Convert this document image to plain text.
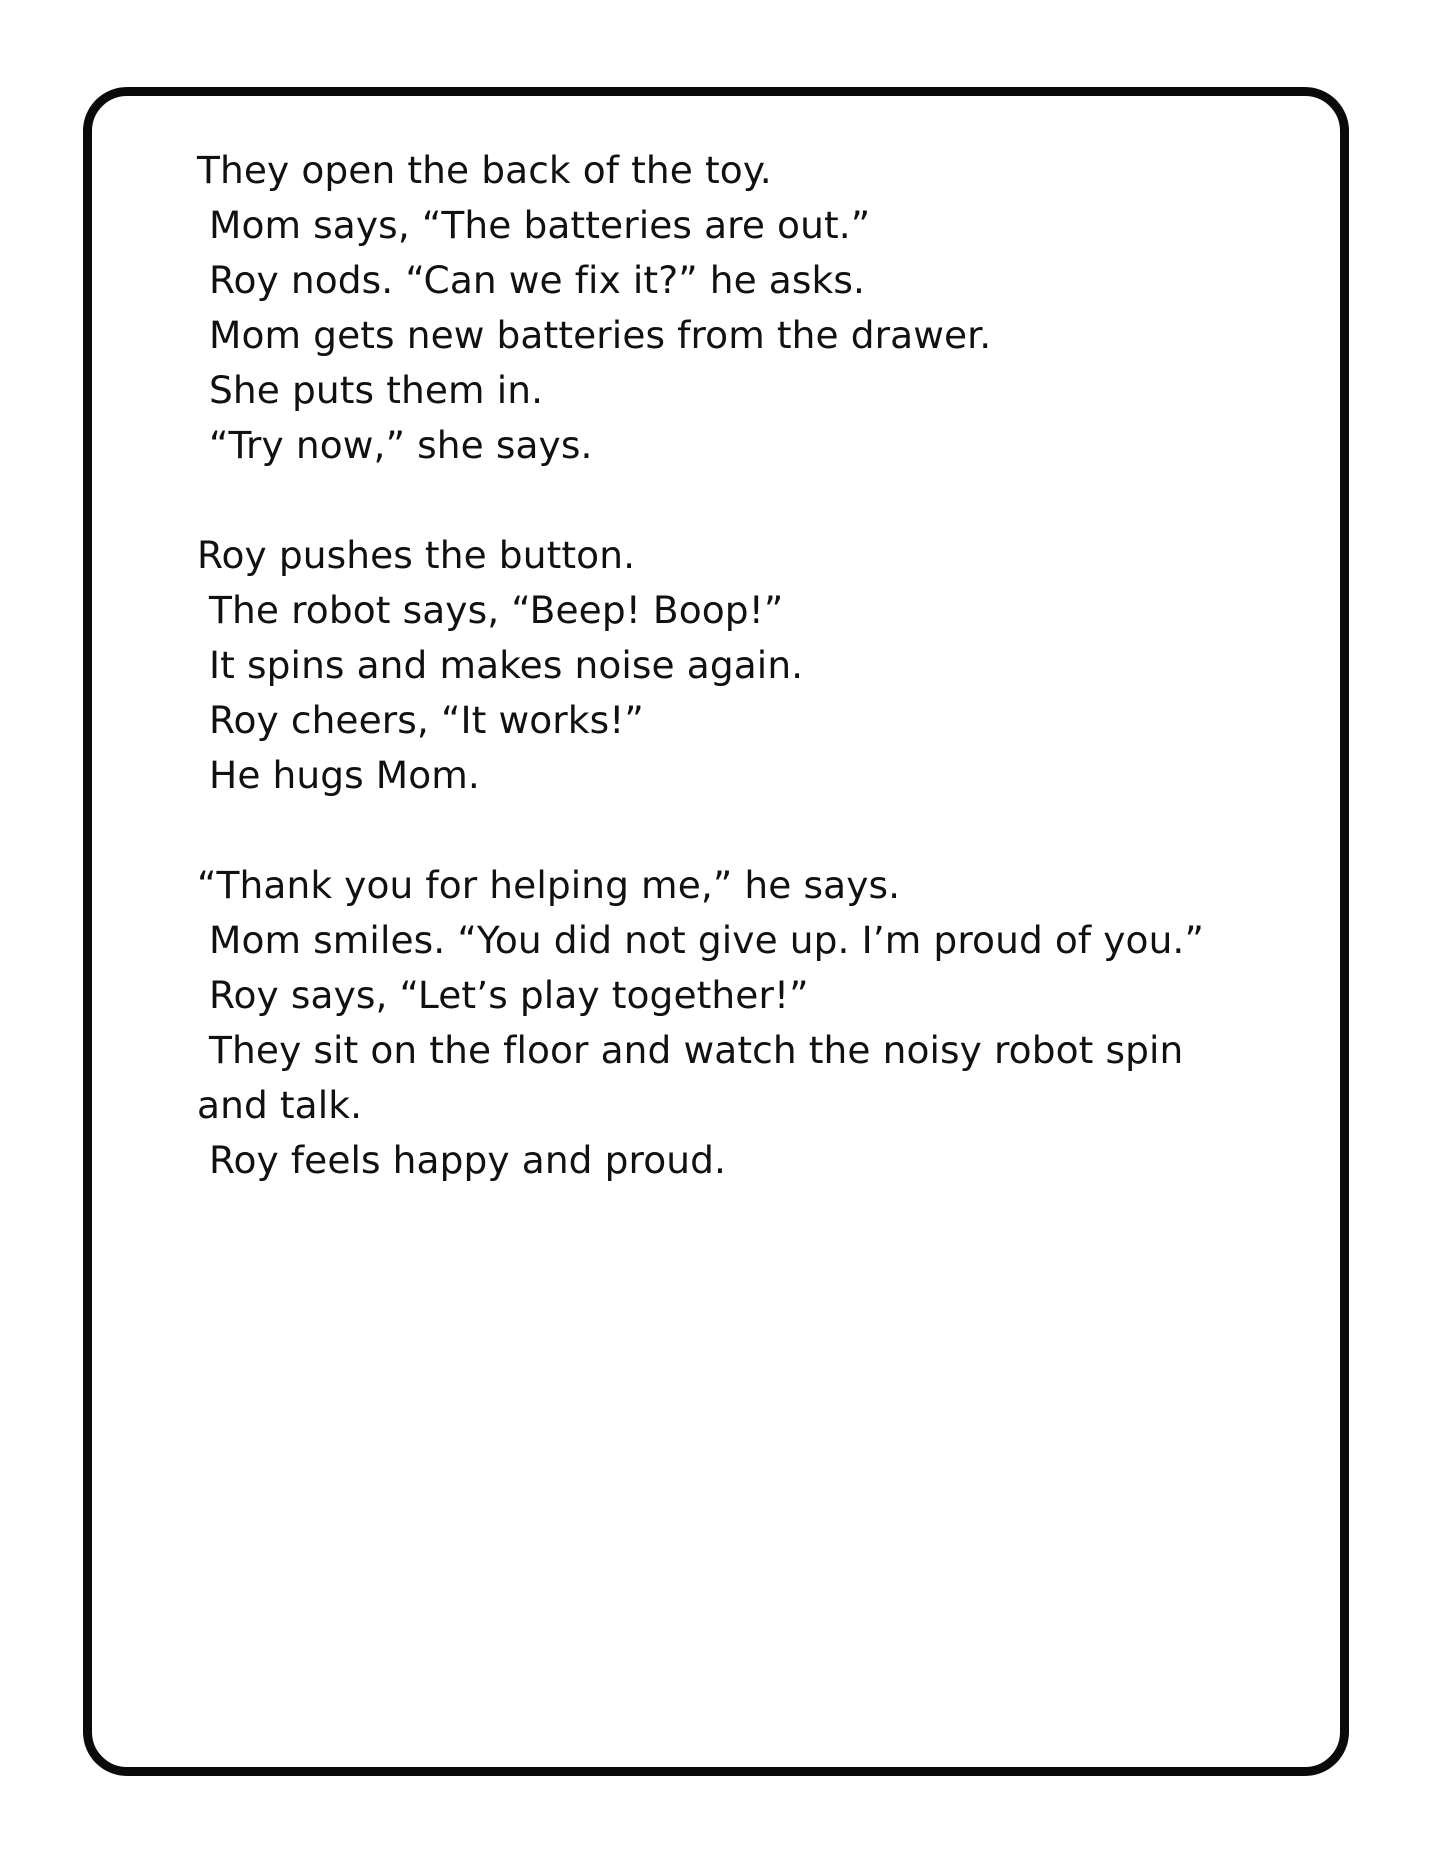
They open the back of the toy.
Mom says, “The batteries are out.”
Roy nods. “Can we fix it?” he asks.
Mom gets new batteries from the drawer.
She puts them in.
“Try now,” she says.
Roy pushes the button.
The robot says, “Beep! Boop!”
It spins and makes noise again.
Roy cheers, “It works!”
He hugs Mom.
“Thank you for helping me,” he says.
Mom smiles. “You did not give up. I’m proud of you.”
Roy says, “Let’s play together!”
They sit on the floor and watch the noisy robot spin
and talk.
Roy feels happy and proud.
